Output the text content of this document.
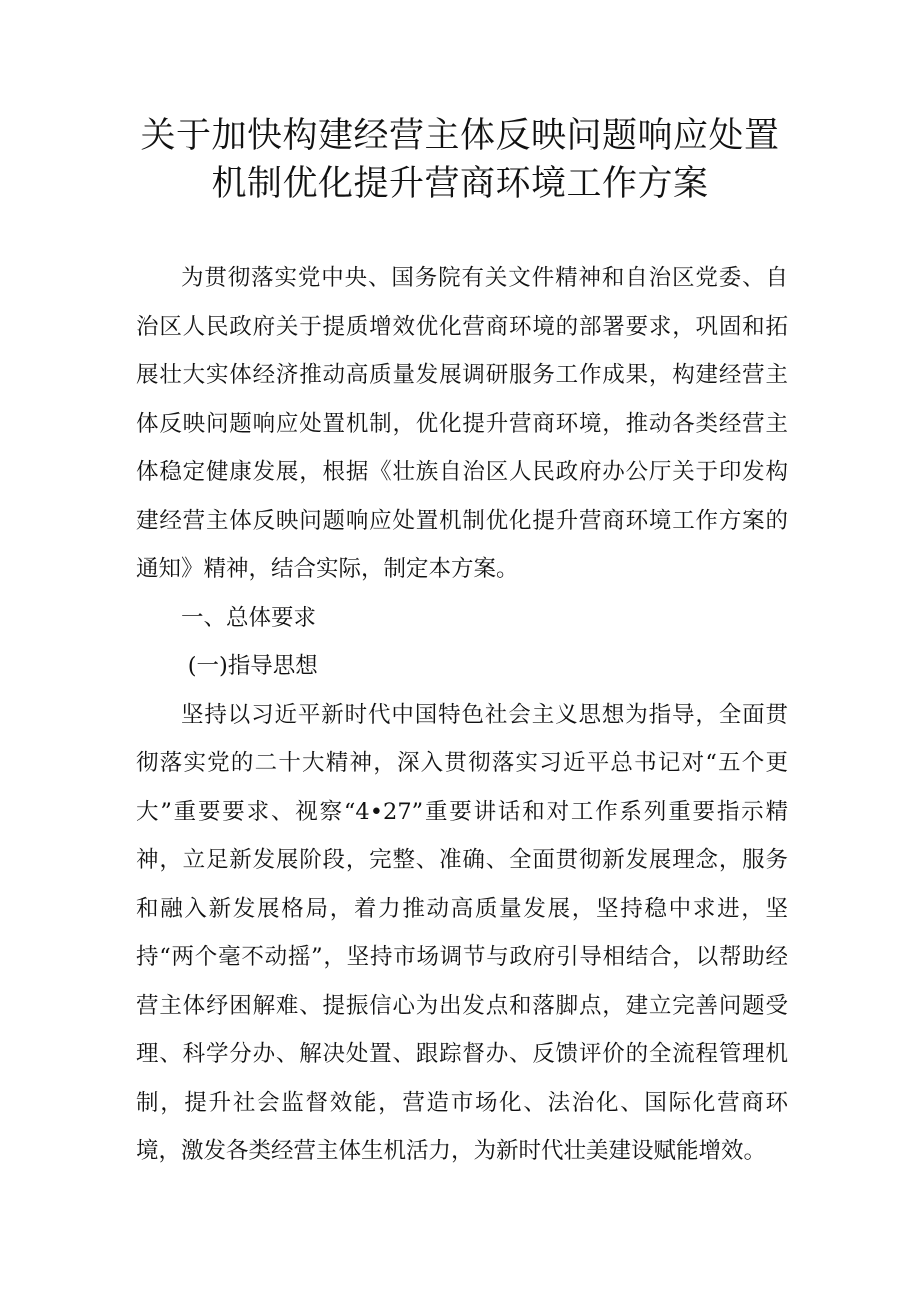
关于加快构建经营主体反映问题响应处置
机制优化提升营商环境工作方案

为贯彻落实党中央、国务院有关文件精神和自治区党委、自治区人民政府关于提质增效优化营商环境的部署要求，巩固和拓展壮大实体经济推动高质量发展调研服务工作成果，构建经营主体反映问题响应处置机制，优化提升营商环境，推动各类经营主体稳定健康发展，根据《壮族自治区人民政府办公厅关于印发构建经营主体反映问题响应处置机制优化提升营商环境工作方案的通知》精神，结合实际，制定本方案。

一、总体要求

(一)指导思想

坚持以习近平新时代中国特色社会主义思想为指导，全面贯彻落实党的二十大精神，深入贯彻落实习近平总书记对“五个更大”重要要求、视察“4•27”重要讲话和对工作系列重要指示精神，立足新发展阶段，完整、准确、全面贯彻新发展理念，服务和融入新发展格局，着力推动高质量发展，坚持稳中求进，坚持“两个毫不动摇”，坚持市场调节与政府引导相结合，以帮助经营主体纾困解难、提振信心为出发点和落脚点，建立完善问题受理、科学分办、解决处置、跟踪督办、反馈评价的全流程管理机制，提升社会监督效能，营造市场化、法治化、国际化营商环境，激发各类经营主体生机活力，为新时代壮美建设赋能增效。
